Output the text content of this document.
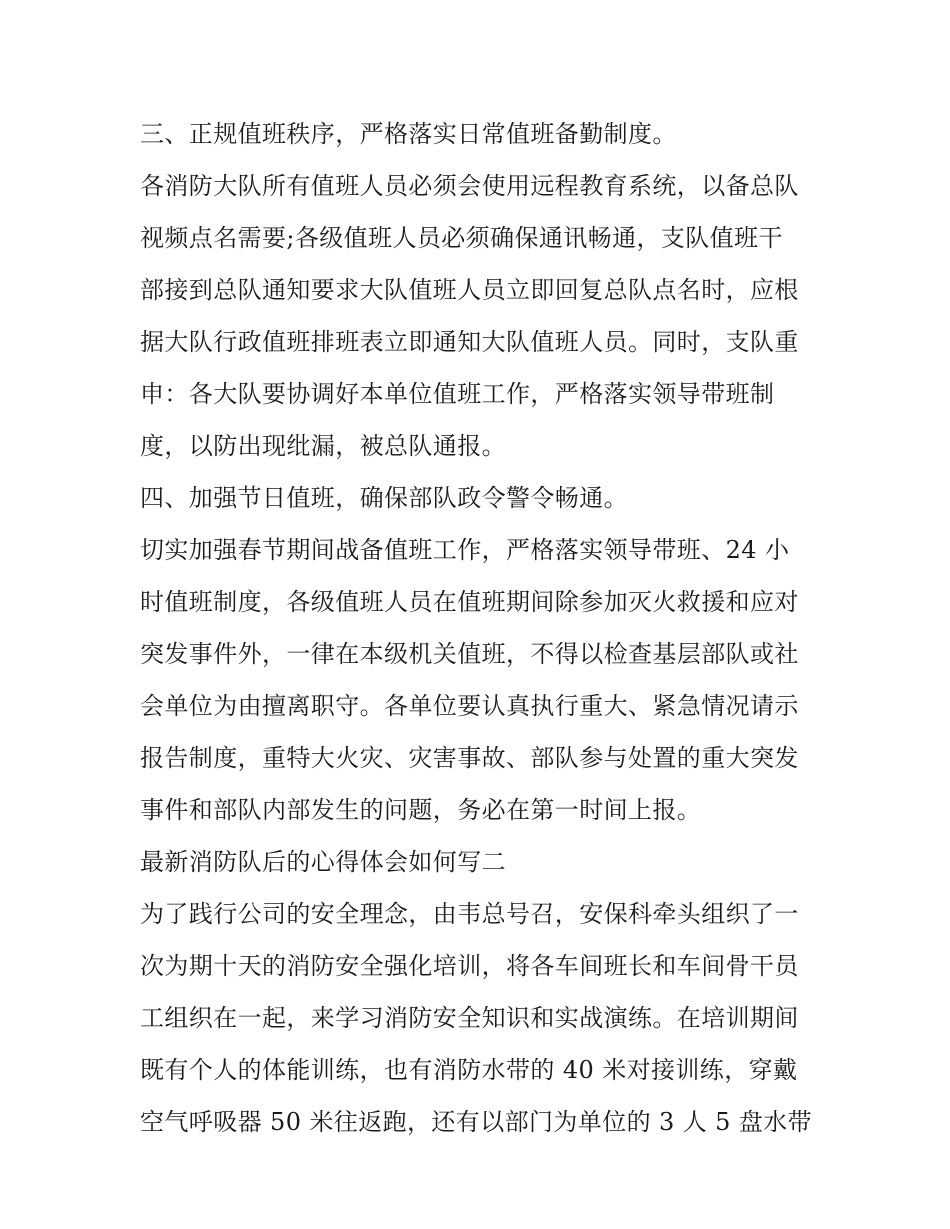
三、正规值班秩序，严格落实日常值班备勤制度。
各消防大队所有值班人员必须会使用远程教育系统，以备总队
视频点名需要;各级值班人员必须确保通讯畅通，支队值班干
部接到总队通知要求大队值班人员立即回复总队点名时，应根
据大队行政值班排班表立即通知大队值班人员。同时，支队重
申：各大队要协调好本单位值班工作，严格落实领导带班制
度，以防出现纰漏，被总队通报。
四、加强节日值班，确保部队政令警令畅通。
切实加强春节期间战备值班工作，严格落实领导带班、24 小
时值班制度，各级值班人员在值班期间除参加灭火救援和应对
突发事件外，一律在本级机关值班，不得以检查基层部队或社
会单位为由擅离职守。各单位要认真执行重大、紧急情况请示
报告制度，重特大火灾、灾害事故、部队参与处置的重大突发
事件和部队内部发生的问题，务必在第一时间上报。
最新消防队后的心得体会如何写二
为了践行公司的安全理念，由韦总号召，安保科牵头组织了一
次为期十天的消防安全强化培训，将各车间班长和车间骨干员
工组织在一起，来学习消防安全知识和实战演练。在培训期间
既有个人的体能训练，也有消防水带的 40 米对接训练，穿戴
空气呼吸器 50 米往返跑，还有以部门为单位的 3 人 5 盘水带
